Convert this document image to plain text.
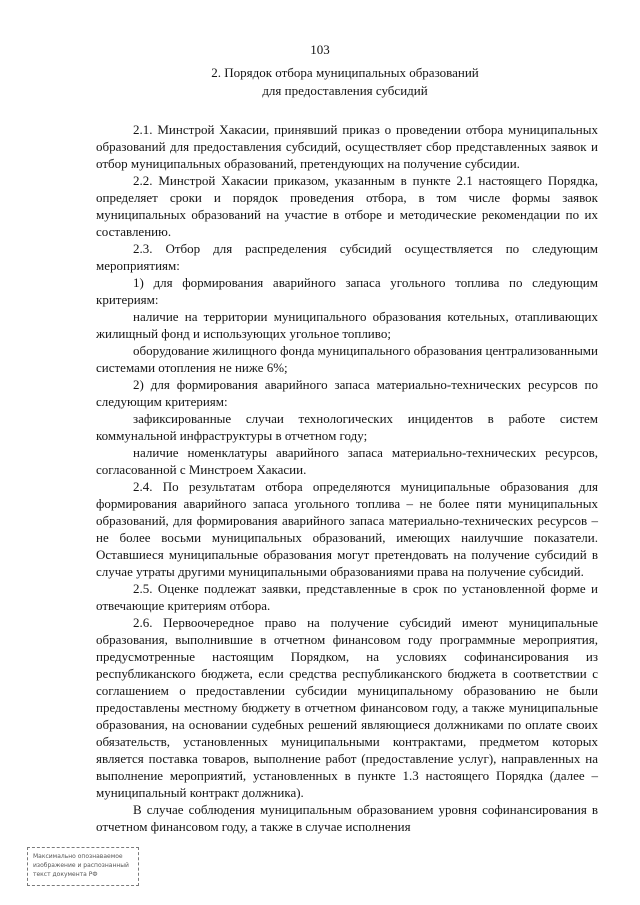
103
2. Порядок отбора муниципальных образований
для предоставления субсидий

2.1. Минстрой Хакасии, принявший приказ о проведении отбора муниципальных образований для предоставления субсидий, осуществляет сбор представленных заявок и отбор муниципальных образований, претендующих на получение субсидии.

2.2. Минстрой Хакасии приказом, указанным в пункте 2.1 настоящего Порядка, определяет сроки и порядок проведения отбора, в том числе формы заявок муниципальных образований на участие в отборе и методические рекомендации по их составлению.

2.3. Отбор для распределения субсидий осуществляется по следующим мероприятиям:

1) для формирования аварийного запаса угольного топлива по следующим критериям:

наличие на территории муниципального образования котельных, отапливающих жилищный фонд и использующих угольное топливо;

оборудование жилищного фонда муниципального образования централизованными системами отопления не ниже 6%;

2) для формирования аварийного запаса материально-технических ресурсов по следующим критериям:

зафиксированные случаи технологических инцидентов в работе систем коммунальной инфраструктуры в отчетном году;

наличие номенклатуры аварийного запаса материально-технических ресурсов, согласованной с Минстроем Хакасии.

2.4. По результатам отбора определяются муниципальные образования для формирования аварийного запаса угольного топлива – не более пяти муниципальных образований, для формирования аварийного запаса материально-технических ресурсов – не более восьми муниципальных образований, имеющих наилучшие показатели. Оставшиеся муниципальные образования могут претендовать на получение субсидий в случае утраты другими муниципальными образованиями права на получение субсидий.

2.5. Оценке подлежат заявки, представленные в срок по установленной форме и отвечающие критериям отбора.

2.6. Первоочередное право на получение субсидий имеют муниципальные образования, выполнившие в отчетном финансовом году программные мероприятия, предусмотренные настоящим Порядком, на условиях софинансирования из республиканского бюджета, если средства республиканского бюджета в соответствии с соглашением о предоставлении субсидии муниципальному образованию не были предоставлены местному бюджету в отчетном финансовом году, а также муниципальные образования, на основании судебных решений являющиеся должниками по оплате своих обязательств, установленных муниципальными контрактами, предметом которых является поставка товаров, выполнение работ (предоставление услуг), направленных на выполнение мероприятий, установленных в пункте 1.3 настоящего Порядка (далее – муниципальный контракт должника).

В случае соблюдения муниципальным образованием уровня софинансирования в отчетном финансовом году, а также в случае исполнения

Максимально опознаваемое
изображение и распознанный
текст документа РФ
